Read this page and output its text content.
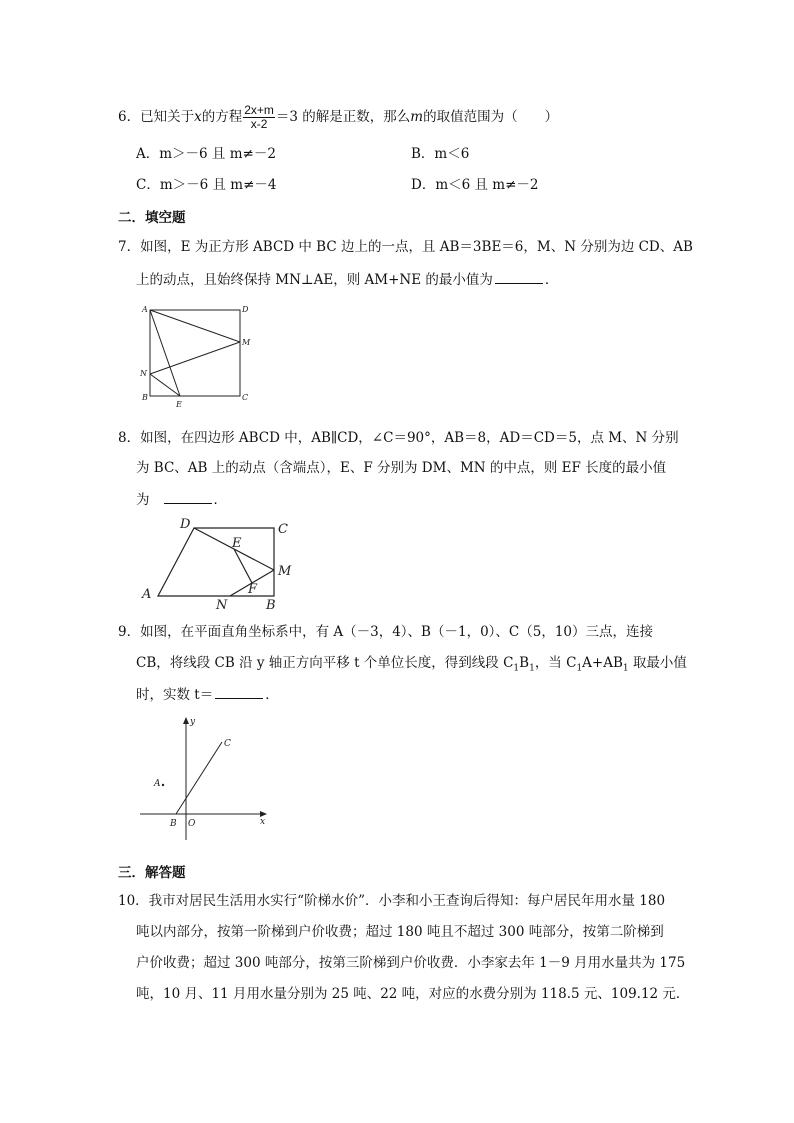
6．已知关于x的方程 $\frac{2x+m}{x-2} =3$ 的解是正数，那么m的取值范围为（　　）
A．m＞－6 且 m≠－2	B．m＜6
C．m＞－6 且 m≠－4	D．m＜6 且 m≠－2
二．填空题
7．如图，E 为正方形 ABCD 中 BC 边上的一点，且 AB＝3BE＝6，M、N 分别为边 CD、AB
上的动点，且始终保持 MN⊥AE，则 AM+NE 的最小值为	．
A	D
M
N
C
B
E
8．如图，在四边形 ABCD 中，AB∥CD，∠C＝90°，AB＝8，AD＝CD＝5，点 M、N 分别
为 BC、AB 上的动点（含端点），E、F 分别为 DM、MN 的中点，则 EF 长度的最小值
为	．
D	C
E
M
F
A
N	B
9．如图，在平面直角坐标系中，有 A（－3，4）、B（－1，0）、C（5，10）三点，连接
CB，将线段 CB 沿 y 轴正方向平移 t 个单位长度，得到线段 $C_1B_1$，当 $C_1A+AB_1$ 取最小值
时，实数 t＝	．
y
C
A
B O	x
三．解答题
10．我市对居民生活用水实行“阶梯水价”．小李和小王查询后得知：每户居民年用水量 180
吨以内部分，按第一阶梯到户价收费；超过 180 吨且不超过 300 吨部分，按第二阶梯到
户价收费；超过 300 吨部分，按第三阶梯到户价收费．小李家去年 1－9 月用水量共为 175
吨，10 月、11 月用水量分别为 25 吨、22 吨，对应的水费分别为 118.5 元、109.12 元．
